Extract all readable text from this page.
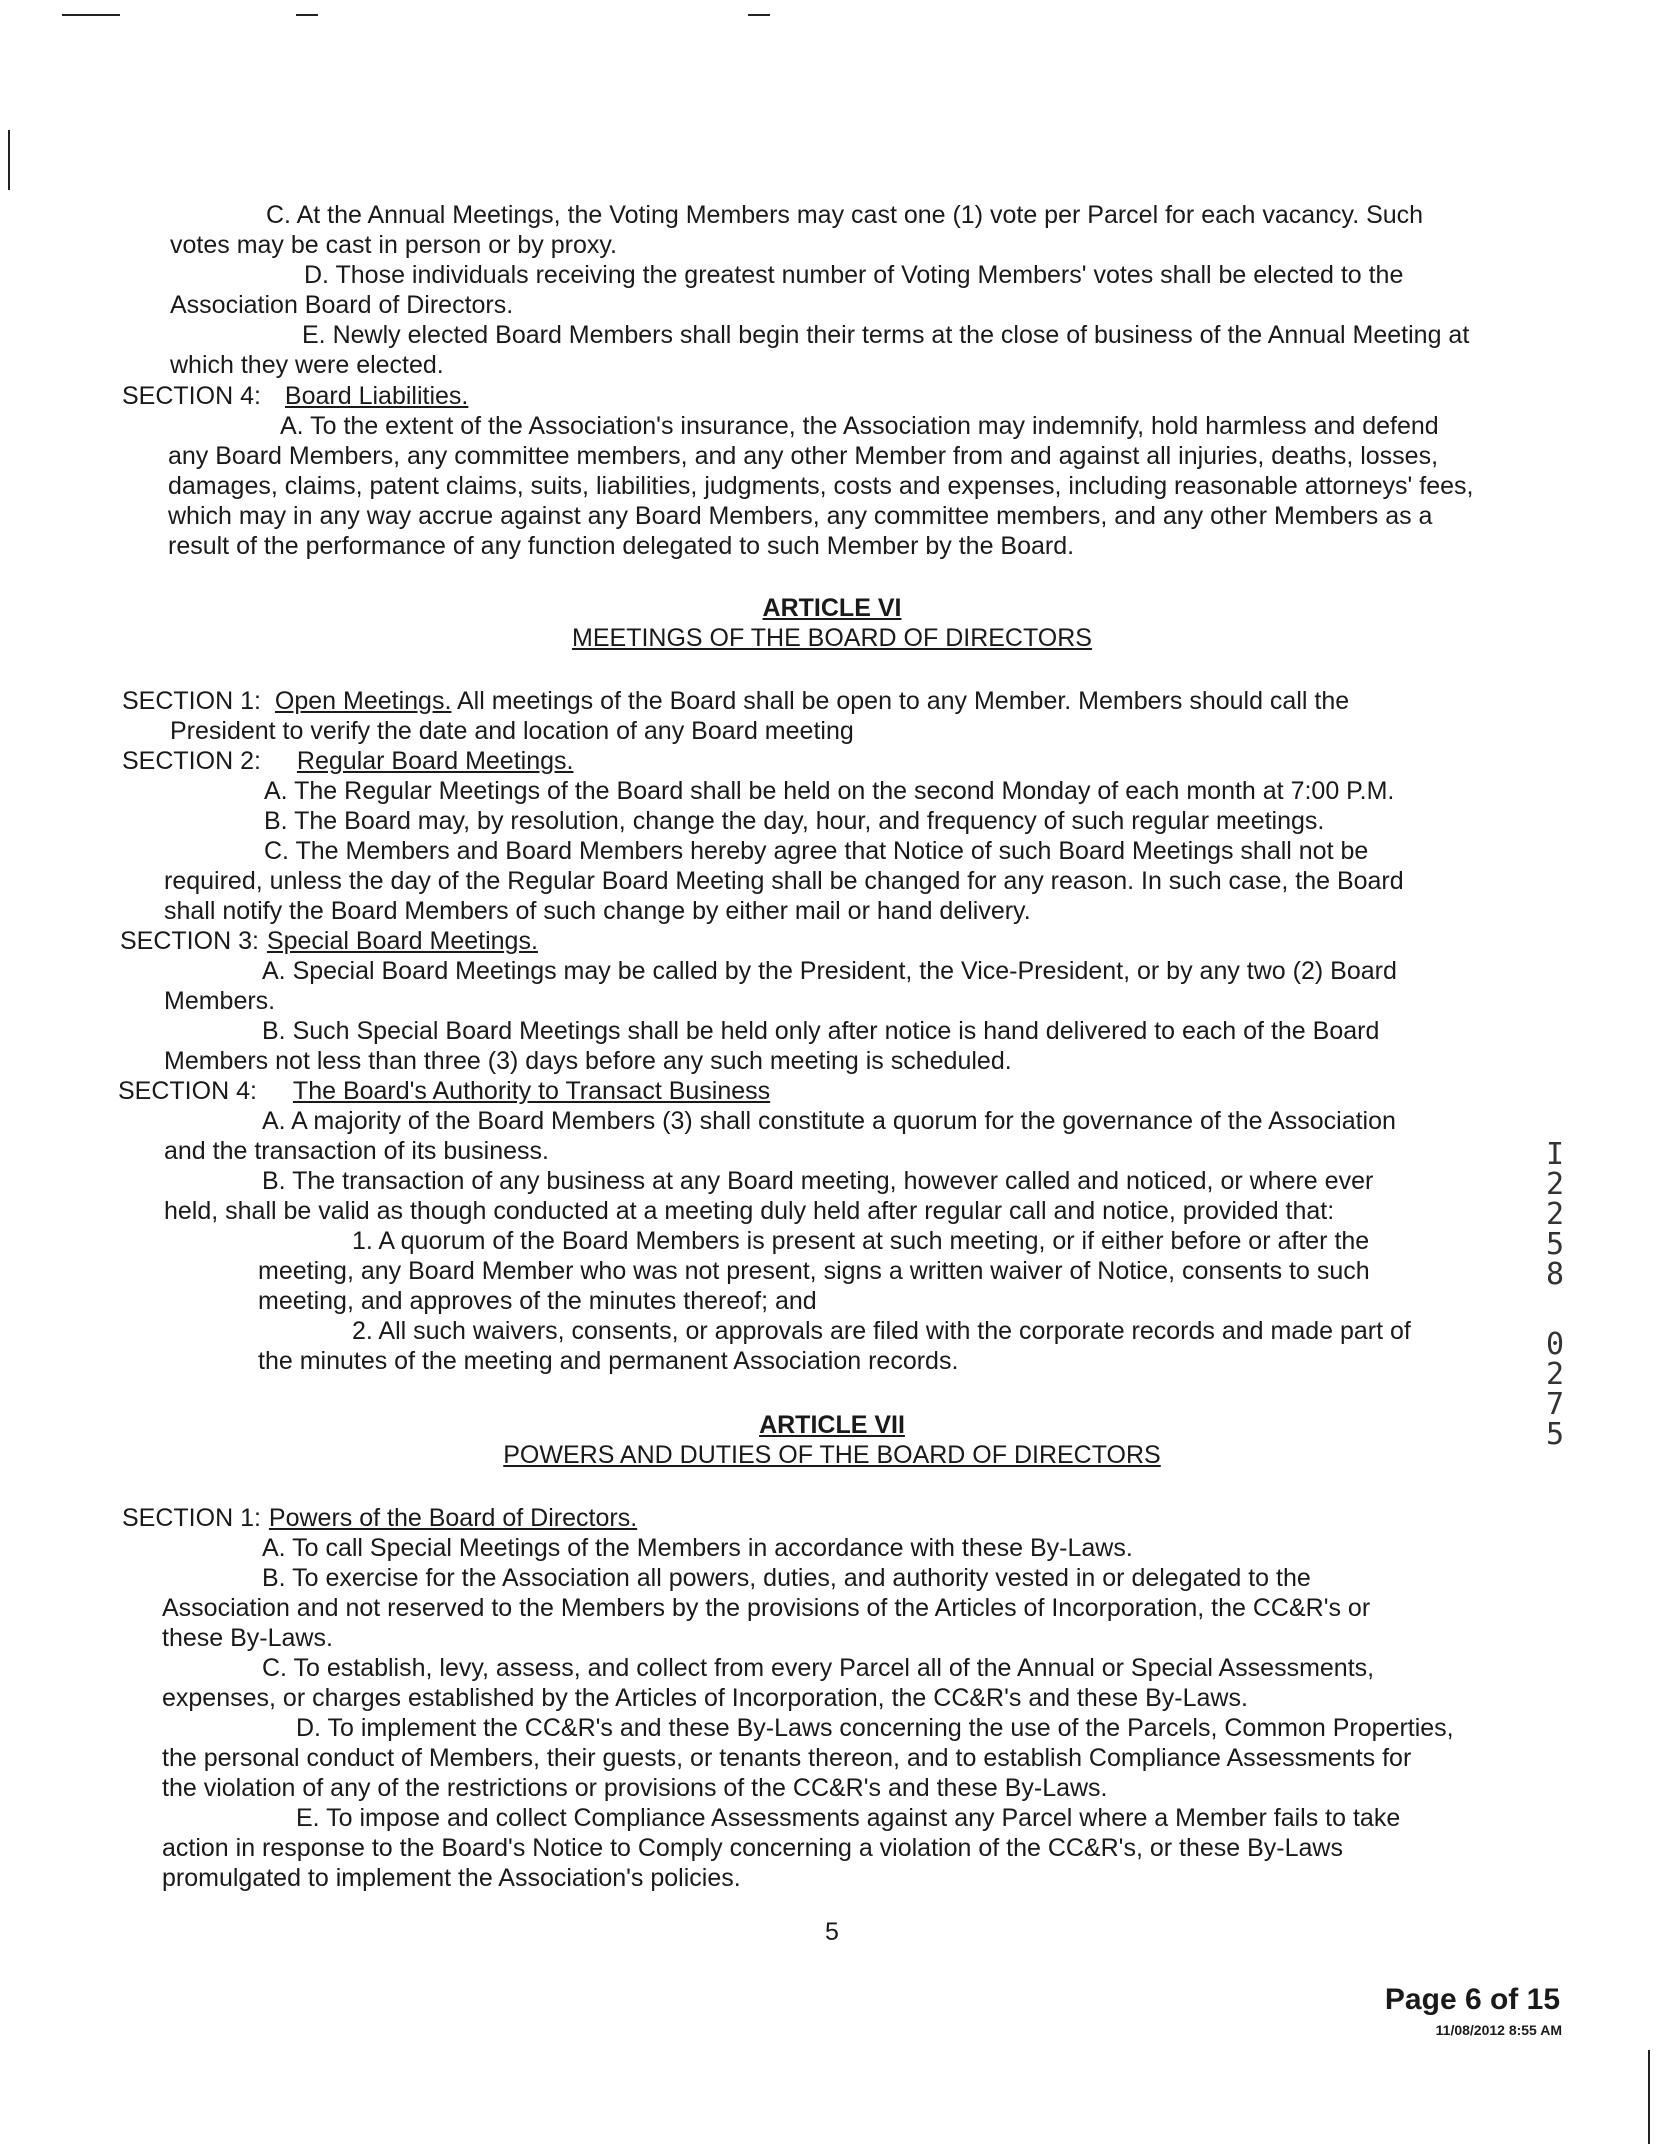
C. At the Annual Meetings, the Voting Members may cast one (1) vote per Parcel for each vacancy. Such
votes may be cast in person or by proxy.
D. Those individuals receiving the greatest number of Voting Members' votes shall be elected to the
Association Board of Directors.
E. Newly elected Board Members shall begin their terms at the close of business of the Annual Meeting at
which they were elected.
SECTION 4: Board Liabilities.
A. To the extent of the Association's insurance, the Association may indemnify, hold harmless and defend
any Board Members, any committee members, and any other Member from and against all injuries, deaths, losses,
damages, claims, patent claims, suits, liabilities, judgments, costs and expenses, including reasonable attorneys' fees,
which may in any way accrue against any Board Members, any committee members, and any other Members as a
result of the performance of any function delegated to such Member by the Board.
ARTICLE VI
MEETINGS OF THE BOARD OF DIRECTORS
SECTION 1: Open Meetings. All meetings of the Board shall be open to any Member. Members should call the
President to verify the date and location of any Board meeting
SECTION 2: Regular Board Meetings.
A. The Regular Meetings of the Board shall be held on the second Monday of each month at 7:00 P.M.
B. The Board may, by resolution, change the day, hour, and frequency of such regular meetings.
C. The Members and Board Members hereby agree that Notice of such Board Meetings shall not be
required, unless the day of the Regular Board Meeting shall be changed for any reason. In such case, the Board
shall notify the Board Members of such change by either mail or hand delivery.
SECTION 3: Special Board Meetings.
A. Special Board Meetings may be called by the President, the Vice-President, or by any two (2) Board
Members.
B. Such Special Board Meetings shall be held only after notice is hand delivered to each of the Board
Members not less than three (3) days before any such meeting is scheduled.
SECTION 4: The Board's Authority to Transact Business
A. A majority of the Board Members (3) shall constitute a quorum for the governance of the Association
and the transaction of its business.
B. The transaction of any business at any Board meeting, however called and noticed, or where ever
held, shall be valid as though conducted at a meeting duly held after regular call and notice, provided that:
1. A quorum of the Board Members is present at such meeting, or if either before or after the
meeting, any Board Member who was not present, signs a written waiver of Notice, consents to such
meeting, and approves of the minutes thereof; and
2. All such waivers, consents, or approvals are filed with the corporate records and made part of
the minutes of the meeting and permanent Association records.
ARTICLE VII
POWERS AND DUTIES OF THE BOARD OF DIRECTORS
SECTION 1: Powers of the Board of Directors.
A. To call Special Meetings of the Members in accordance with these By-Laws.
B. To exercise for the Association all powers, duties, and authority vested in or delegated to the
Association and not reserved to the Members by the provisions of the Articles of Incorporation, the CC&R's or
these By-Laws.
C. To establish, levy, assess, and collect from every Parcel all of the Annual or Special Assessments,
expenses, or charges established by the Articles of Incorporation, the CC&R's and these By-Laws.
D. To implement the CC&R's and these By-Laws concerning the use of the Parcels, Common Properties,
the personal conduct of Members, their guests, or tenants thereon, and to establish Compliance Assessments for
the violation of any of the restrictions or provisions of the CC&R's and these By-Laws.
E. To impose and collect Compliance Assessments against any Parcel where a Member fails to take
action in response to the Board's Notice to Comply concerning a violation of the CC&R's, or these By-Laws
promulgated to implement the Association's policies.
5
I
2
2
5
8
0
2
7
5
Page 6 of 15
11/08/2012 8:55 AM
